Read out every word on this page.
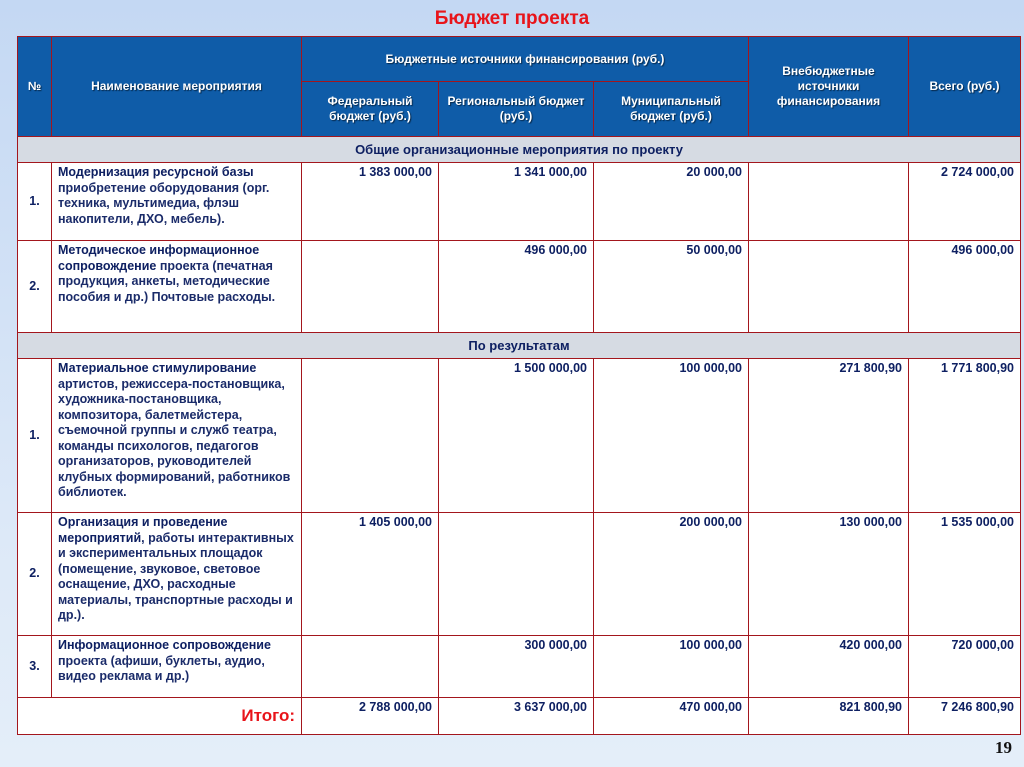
Бюджет проекта
№	Наименование мероприятия	Бюджетные источники финансирования (руб.)			Внебюджетные источники финансирования	Всего (руб.)
		Федеральный бюджет (руб.)	Региональный бюджет (руб.)	Муниципальный бюджет (руб.)		
Общие организационные мероприятия по проекту						
1.	Модернизация ресурсной базы приобретение оборудования (орг. техника, мультимедиа, флэш накопители, ДХО, мебель).	1 383 000,00	1 341 000,00	20 000,00		2 724 000,00
2.	Методическое информационное сопровождение проекта (печатная продукция, анкеты, методические пособия и др.) Почтовые расходы.		496 000,00	50 000,00		496 000,00
По результатам						
1.	Материальное стимулирование артистов, режиссера-постановщика, художника-постановщика, композитора, балетмейстера, съемочной группы и служб театра, команды психологов, педагогов организаторов, руководителей клубных формирований, работников библиотек.		1 500 000,00	100 000,00	271 800,90	1 771 800,90
2.	Организация и проведение мероприятий, работы интерактивных и экспериментальных площадок (помещение, звуковое, световое оснащение, ДХО, расходные материалы, транспортные расходы и др.).	1 405 000,00		200 000,00	130 000,00	1 535 000,00
3.	Информационное сопровождение проекта (афиши, буклеты, аудио, видео реклама и др.)		300 000,00	100 000,00	420 000,00	720 000,00
Итого:		2 788 000,00	3 637 000,00	470 000,00	821 800,90	7 246 800,90
19
